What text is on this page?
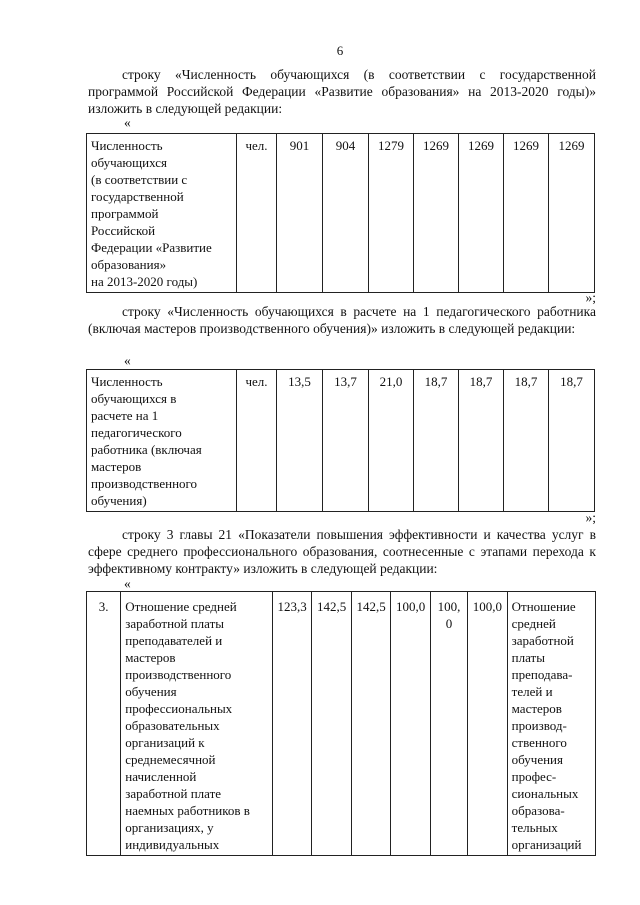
6
строку «Численность обучающихся (в соответствии с государственной программой Российской Федерации «Развитие образования» на 2013-2020 годы)» изложить в следующей редакции:
«
Численность
обучающихся
(в соответствии с
государственной
программой
Российской
Федерации «Развитие
образования»
на 2013-2020 годы)	чел.	901	904	1279	1269	1269	1269	1269
»;
строку «Численность обучающихся в расчете на 1 педагогического работника (включая мастеров производственного обучения)» изложить в следующей редакции:
«
Численность
обучающихся в
расчете на 1
педагогического
работника (включая
мастеров
производственного
обучения)	чел.	13,5	13,7	21,0	18,7	18,7	18,7	18,7
»;
строку 3 главы 21 «Показатели повышения эффективности и качества услуг в сфере среднего профессионального образования, соотнесенные с этапами перехода к эффективному контракту» изложить в следующей редакции:
«
3.	Отношение средней
заработной платы
преподавателей и
мастеров
производственного
обучения
профессиональных
образовательных
организаций к
среднемесячной
начисленной
заработной плате
наемных работников в
организациях, у
индивидуальных	123,3	142,5	142,5	100,0	100,0	100,0	Отношение
средней
заработной
платы
преподава-
телей и
мастеров
производ-
ственного
обучения
профес-
сиональных
образова-
тельных
организаций
